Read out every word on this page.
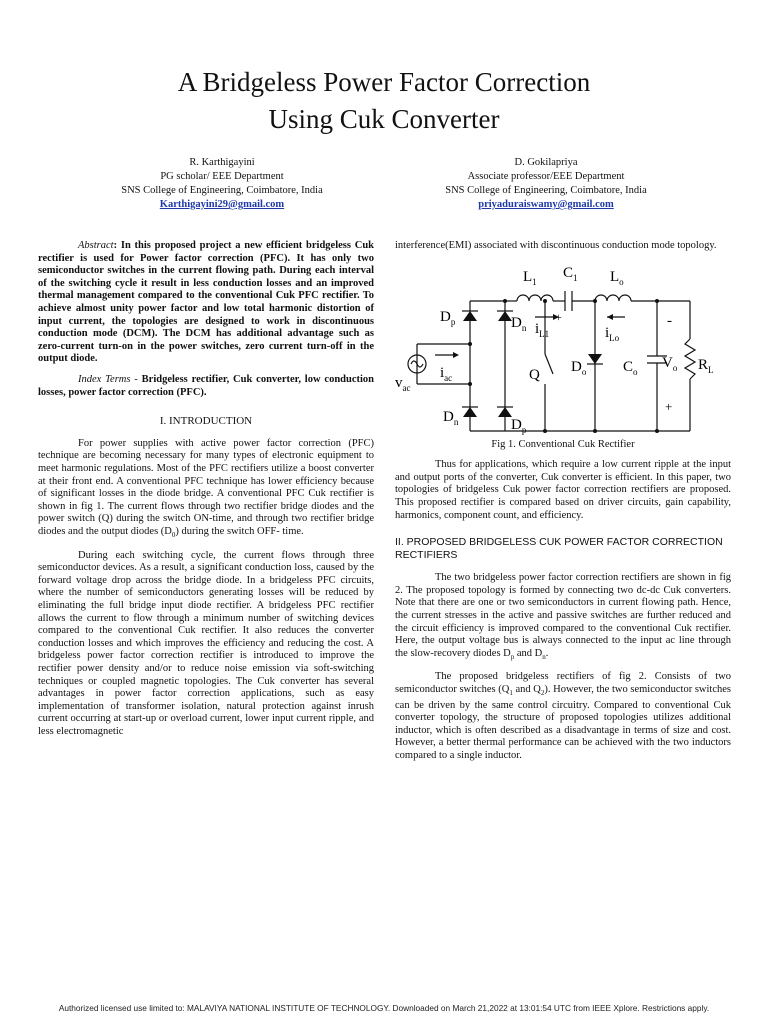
A Bridgeless Power Factor Correction
Using Cuk Converter
R. Karthigayini
PG scholar/ EEE Department
SNS College of Engineering, Coimbatore, India
Karthigayini29@gmail.com
D. Gokilapriya
Associate professor/EEE Department
SNS College of Engineering, Coimbatore, India
priyaduraiswamy@gmail.com

Abstract: In this proposed project a new efficient bridgeless Cuk rectifier is used for Power factor correction (PFC). It has only two semiconductor switches in the current flowing path. During each interval of the switching cycle it result in less conduction losses and an improved thermal management compared to the conventional Cuk PFC rectifier. To achieve almost unity power factor and low total harmonic distortion of input current, the topologies are designed to work in discontinuous conduction mode (DCM). The DCM has additional advantage such as zero-current turn-on in the power switches, zero current turn-off in the output diode.

Index Terms - Bridgeless rectifier, Cuk converter, low conduction losses, power factor correction (PFC).

I. INTRODUCTION

For power supplies with active power factor correction (PFC) technique are becoming necessary for many types of electronic equipment to meet harmonic regulations. Most of the PFC rectifiers utilize a boost converter at their front end. A conventional PFC technique has lower efficiency because of significant losses in the diode bridge. A conventional PFC Cuk rectifier is shown in fig 1. The current flows through two rectifier bridge diodes and the power switch (Q) during the switch ON-time, and through two rectifier bridge diodes and the output diodes $(D_0)$ during the switch OFF- time.

During each switching cycle, the current flows through three semiconductor devices. As a result, a significant conduction loss, caused by the forward voltage drop across the bridge diode. In a bridgeless PFC circuits, where the number of semiconductors generating losses will be reduced by eliminating the full bridge input diode rectifier. A bridgeless PFC rectifier allows the current to flow through a minimum number of switching devices compared to the conventional Cuk rectifier. It also reduces the converter conduction losses and which improves the efficiency and reducing the cost. A bridgeless power factor correction rectifier is introduced to improve the rectifier power density and/or to reduce noise emission via soft-switching techniques or coupled magnetic topologies. The Cuk converter has several advantages in power factor correction applications, such as easy implementation of transformer isolation, natural protection against inrush current occurring at start-up or overload current, lower input current ripple, and less electromagnetic

interference(EMI) associated with discontinuous conduction mode topology.

$L_1$
$C_1$ $L_o$
$D_p$	$D_n$ $i_{L1}$	$i_{Lo}$
Q $D_o$ $C_o$
$V_o$ $R_L$
$v_{ac}$
$i_{ac}$
$D_n$	$D_p$
+	-
+

Fig 1. Conventional Cuk Rectifier

Thus for applications, which require a low current ripple at the input and output ports of the converter, Cuk converter is efficient. In this paper, two topologies of bridgeless Cuk power factor correction rectifiers are proposed. This proposed rectifier is compared based on driver circuits, gain capability, harmonics, component count, and efficiency.

II. PROPOSED BRIDGELESS CUK POWER FACTOR CORRECTION RECTIFIERS

The two bridgeless power factor correction rectifiers are shown in fig 2. The proposed topology is formed by connecting two dc-dc Cuk converters. Note that there are one or two semiconductors in current flowing path. Hence, the current stresses in the active and passive switches are further reduced and the circuit efficiency is improved compared to the conventional Cuk rectifier. Here, the output voltage bus is always connected to the input ac line through the slow-recovery diodes $D_p$ and $D_n$.

The proposed bridgeless rectifiers of fig 2. Consists of two semiconductor switches ($Q_1$ and $Q_2$). However, the two semiconductor switches can be driven by the same control circuitry. Compared to conventional Cuk converter topology, the structure of proposed topologies utilizes additional inductor, which is often described as a disadvantage in terms of size and cost. However, a better thermal performance can be achieved with the two inductors compared to a single inductor.

Authorized licensed use limited to: MALAVIYA NATIONAL INSTITUTE OF TECHNOLOGY. Downloaded on March 21,2022 at 13:01:54 UTC from IEEE Xplore. Restrictions apply.
